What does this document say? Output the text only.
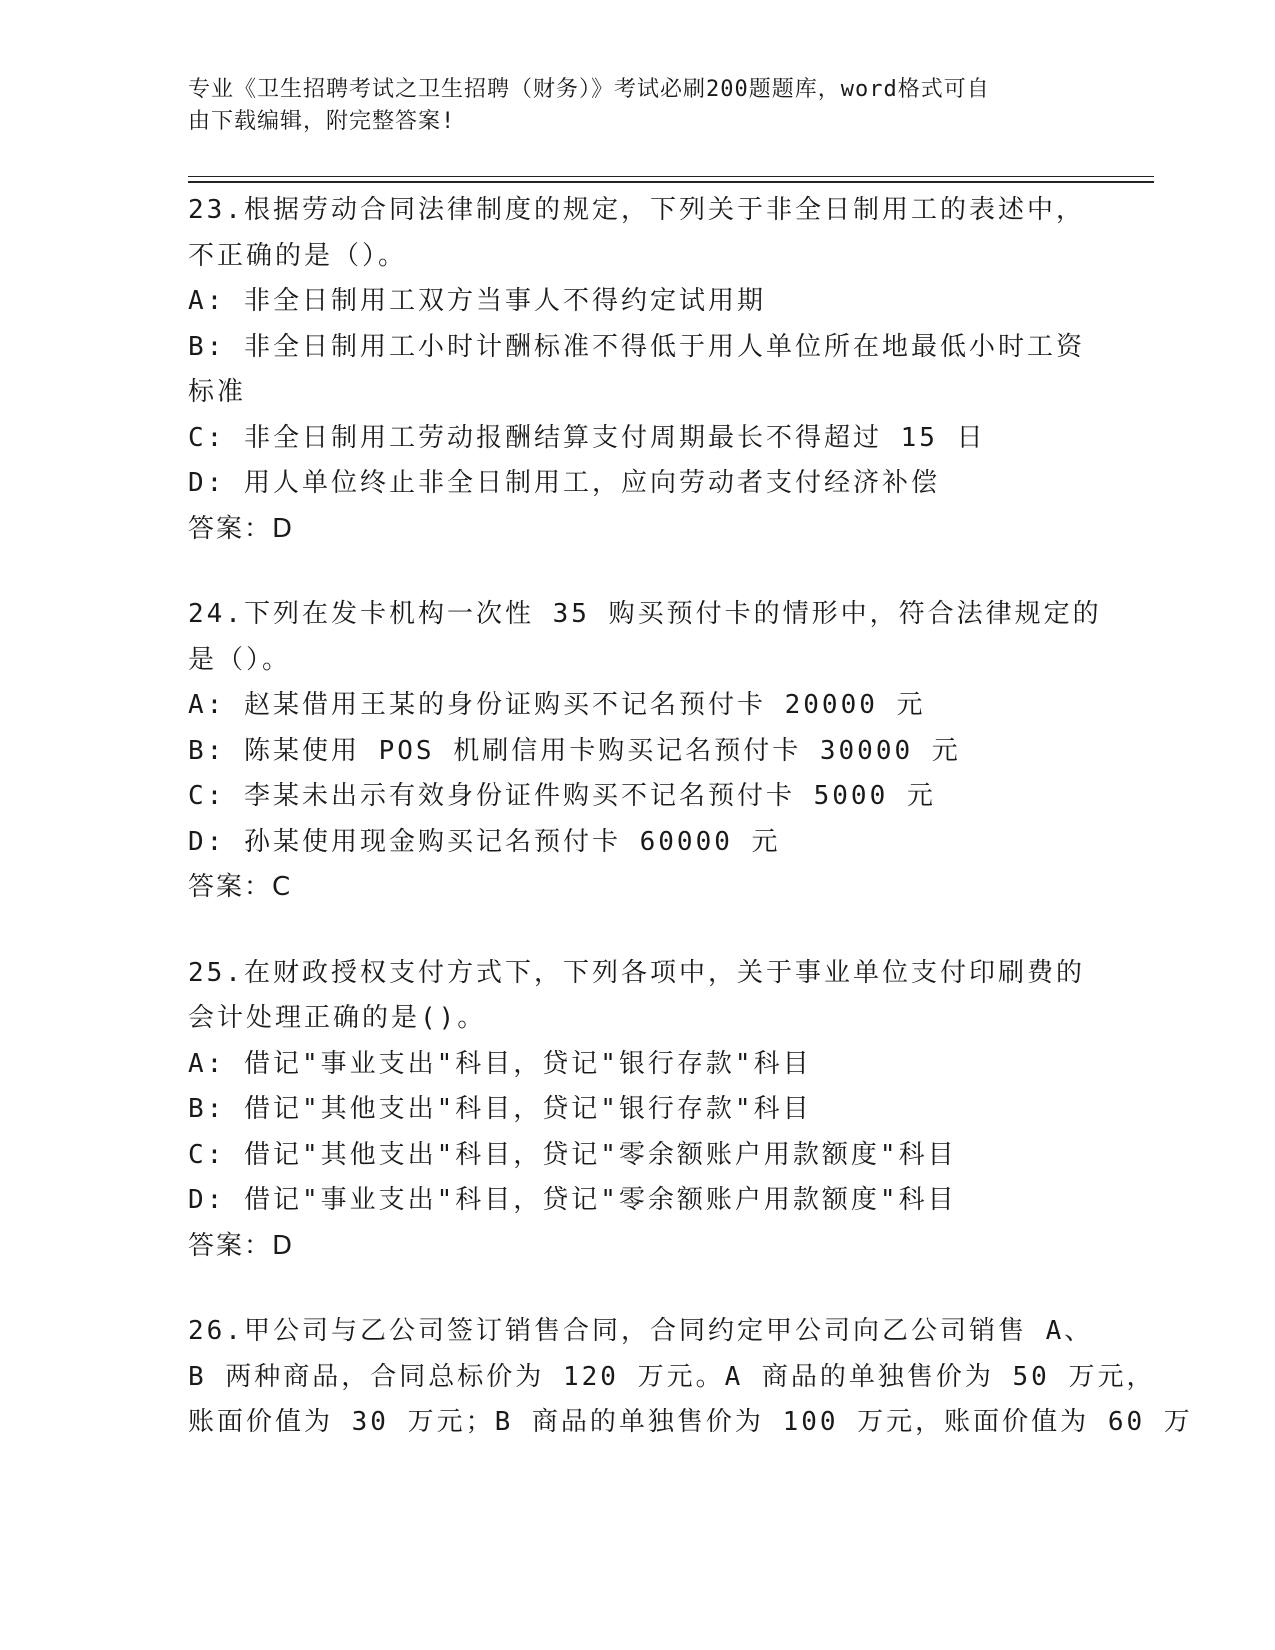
专业《卫生招聘考试之卫生招聘（财务）》考试必刷200题题库，word格式可自
由下载编辑，附完整答案!
23.根据劳动合同法律制度的规定，下列关于非全日制用工的表述中，
不正确的是（）。
A: 非全日制用工双方当事人不得约定试用期
B: 非全日制用工小时计酬标准不得低于用人单位所在地最低小时工资
标准
C: 非全日制用工劳动报酬结算支付周期最长不得超过 15 日
D: 用人单位终止非全日制用工，应向劳动者支付经济补偿
答案：D
24.下列在发卡机构一次性 35 购买预付卡的情形中，符合法律规定的
是（）。
A: 赵某借用王某的身份证购买不记名预付卡 20000 元
B: 陈某使用 POS 机刷信用卡购买记名预付卡 30000 元
C: 李某未出示有效身份证件购买不记名预付卡 5000 元
D: 孙某使用现金购买记名预付卡 60000 元
答案：C
25.在财政授权支付方式下，下列各项中，关于事业单位支付印刷费的
会计处理正确的是()。
A: 借记"事业支出"科目，贷记"银行存款"科目
B: 借记"其他支出"科目，贷记"银行存款"科目
C: 借记"其他支出"科目，贷记"零余额账户用款额度"科目
D: 借记"事业支出"科目，贷记"零余额账户用款额度"科目
答案：D
26.甲公司与乙公司签订销售合同，合同约定甲公司向乙公司销售 A、
B 两种商品，合同总标价为 120 万元。A 商品的单独售价为 50 万元，
账面价值为 30 万元；B 商品的单独售价为 100 万元，账面价值为 60 万
